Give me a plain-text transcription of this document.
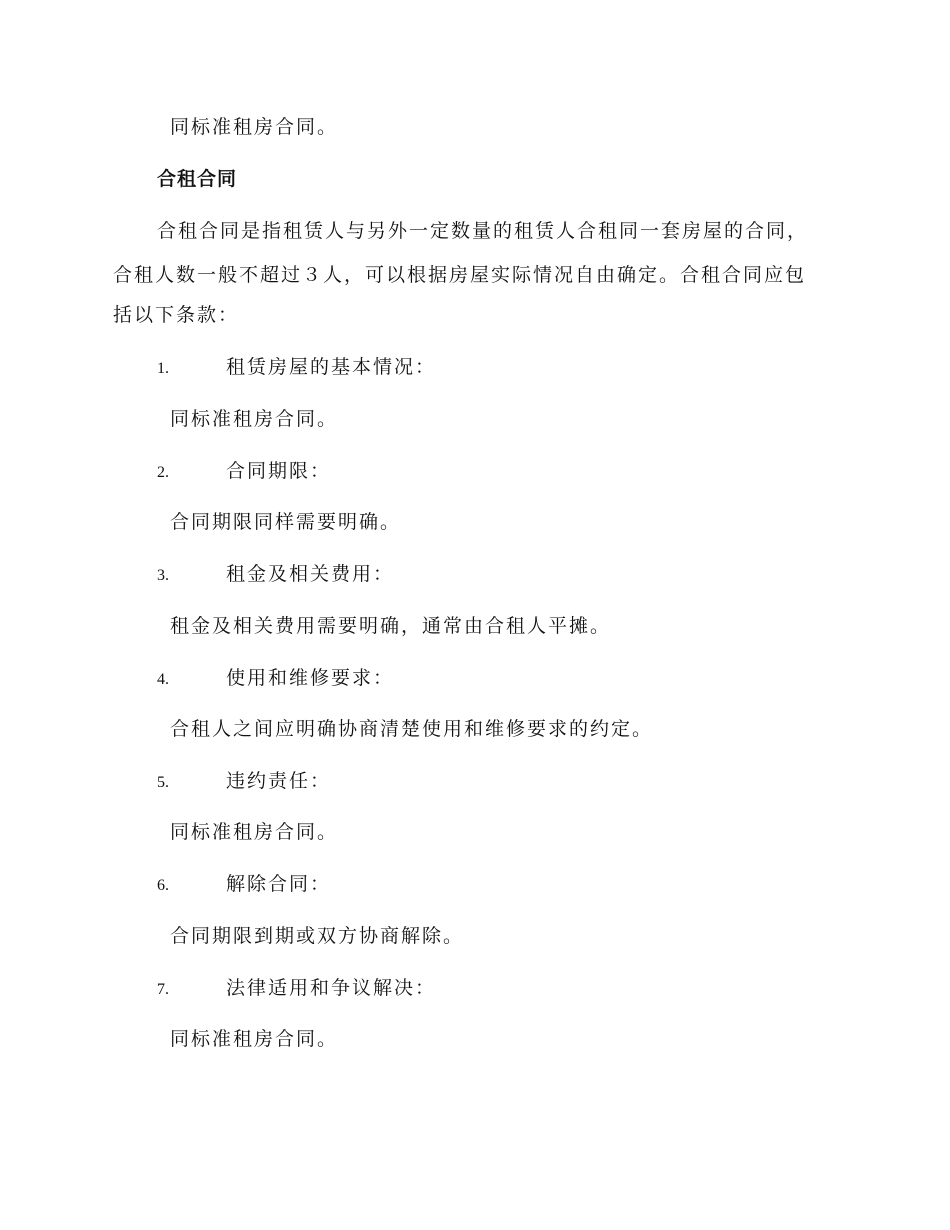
同标准租房合同。
合租合同
合租合同是指租赁人与另外一定数量的租赁人合租同一套房屋的合同，
合租人数一般不超过３人，可以根据房屋实际情况自由确定。合租合同应包
括以下条款：
1.	租赁房屋的基本情况：
同标准租房合同。
2.	合同期限：
合同期限同样需要明确。
3.	租金及相关费用：
租金及相关费用需要明确，通常由合租人平摊。
4.	使用和维修要求：
合租人之间应明确协商清楚使用和维修要求的约定。
5.	违约责任：
同标准租房合同。
6.	解除合同：
合同期限到期或双方协商解除。
7.	法律适用和争议解决：
同标准租房合同。
